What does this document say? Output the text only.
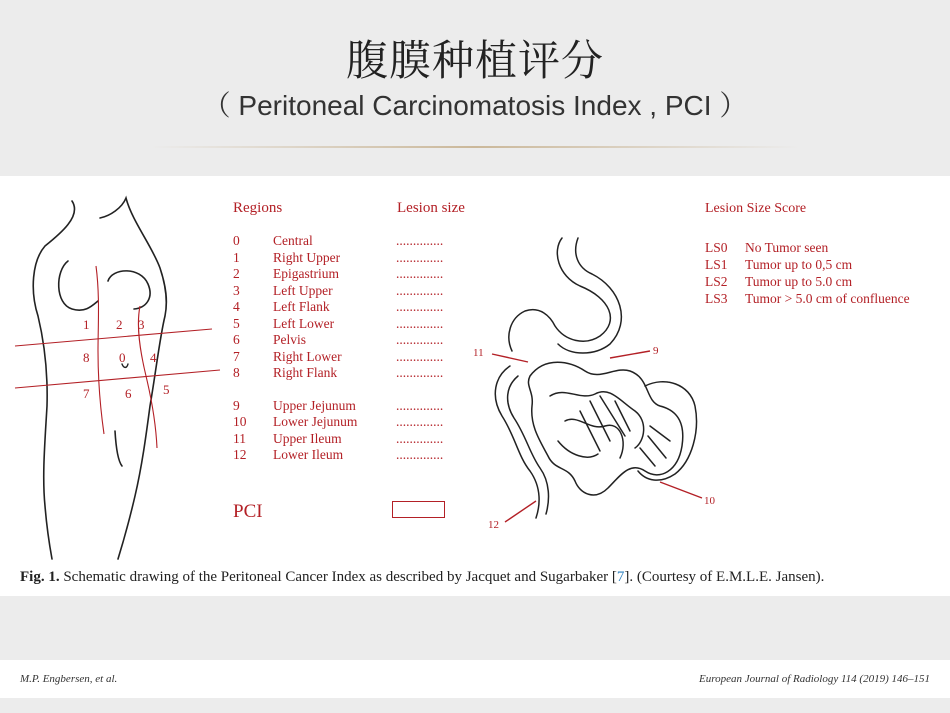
腹膜种植评分
（ Peritoneal Carcinomatosis Index , PCI ）
1 2 3
8 0 4
7	6 5
Regions	Lesion size
0 Central	..............
1 Right Upper	..............
2 Epigastrium	..............
3 Left Upper	..............
4 Left Flank	..............
5 Left Lower	..............
6 Pelvis	..............
7 Right Lower	..............
8 Right Flank	..............
9 Upper Jejunum	..............
10 Lower Jejunum	..............
11 Upper Ileum	..............
12 Lower Ileum	..............
PCI
11	9
10
12
Lesion Size Score
LS0 No Tumor seen
LS1 Tumor up to 0,5 cm
LS2 Tumor up to 5.0 cm
LS3 Tumor > 5.0 cm of confluence
Fig. 1. Schematic drawing of the Peritoneal Cancer Index as described by Jacquet and Sugarbaker [7]. (Courtesy of E.M.L.E. Jansen).
M.P. Engbersen, et al.	European Journal of Radiology 114 (2019) 146–151
